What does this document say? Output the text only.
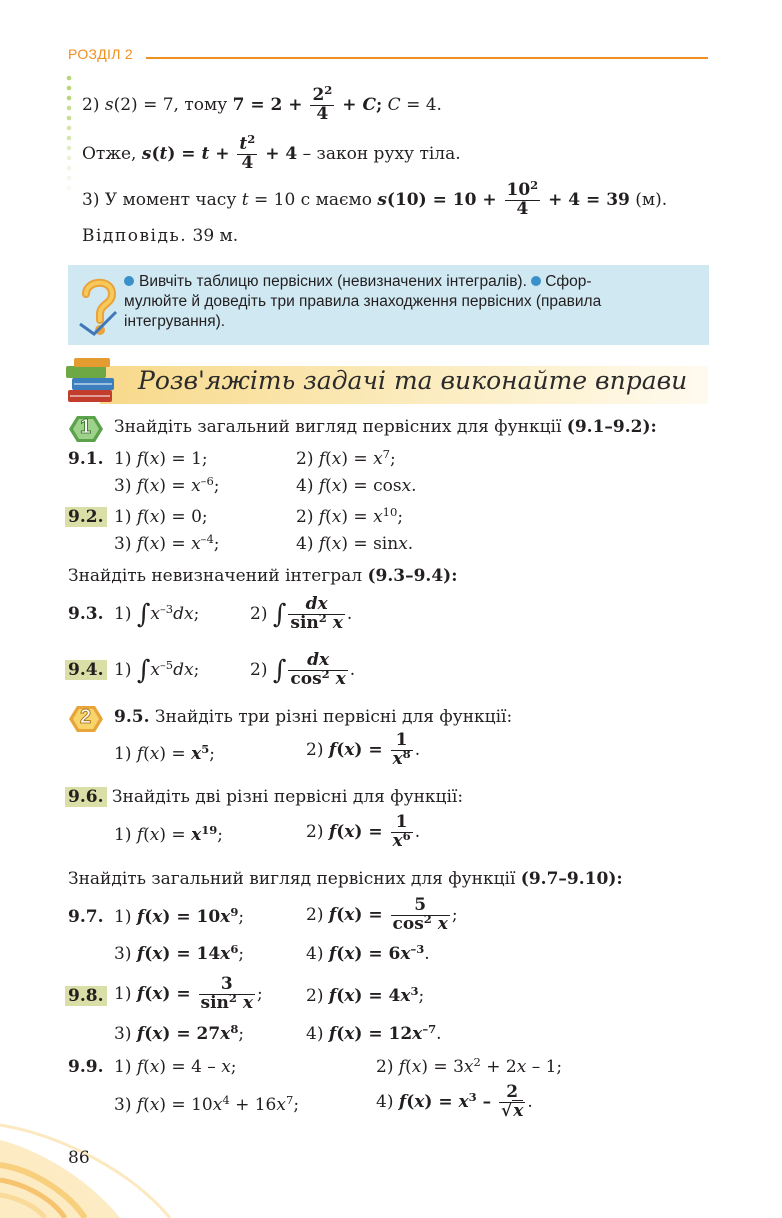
РОЗДІЛ 2
2) s(2) = 7, тому $7 = 2 + \frac{2^2}{4} + C$; C = 4.
Отже, $s(t) = t + \frac{t^2}{4} + 4$ – закон руху тіла.
3) У момент часу t = 10 с маємо $s(10) = 10 + \frac{10^2}{4} + 4 = 39$ (м).
Відповідь. 39 м.
Вивчіть таблицю первісних (невизначених інтегралів). Сфор-
мулюйте й доведіть три правила знаходження первісних (правила
інтегрування).
Розв'яжіть задачі та виконайте вправи
1 Знайдіть загальний вигляд первісних для функції (9.1–9.2):
9.1. 1) f(x) = 1;	2) $f(x) = x^7$;
3) $f(x) = x^{-6}$;	4) f(x) = cosx.
9.2. 1) f(x) = 0;	2) $f(x) = x^{10}$;
3) $f(x) = x^{-4}$;	4) f(x) = sinx.
Знайдіть невизначений інтеграл (9.3–9.4):
9.3. 1) $\int x^{-3}dx$;	2) ∫ $\frac{dx}{\sin^2 x}$ .
9.4. 1) $\int x^{-5}dx$;	2) ∫ $\frac{dx}{\cos^2 x}$ .
2 9.5. Знайдіть три різні первісні для функції:
1) $f(x) = x^5$;	2) $f(x) = \frac{1}{x^8}$ .
9.6. Знайдіть дві різні первісні для функції:
1) $f(x) = x^{19}$;	2) $f(x) = \frac{1}{x^6}$ .
Знайдіть загальний вигляд первісних для функції (9.7–9.10):
9.7. 1) $f(x) = 10x^9$;	2) $f(x) = \frac{5}{\cos^2 x}$ ;
3) $f(x) = 14x^6$;	4) $f(x) = 6x^{-3}$.
9.8. 1) $f(x) = \frac{3}{\sin^2 x}$ ;	2) $f(x) = 4x^3$;
3) $f(x) = 27x^8$;	4) $f(x) = 12x^{-7}$.
9.9. 1) f(x) = 4 – x;	2) $f(x) = 3x^2 + 2x - 1$;
3) $f(x) = 10x^4 + 16x^7$;	4) $f(x) = x^3 - \frac{2}{√x}$ .
86
